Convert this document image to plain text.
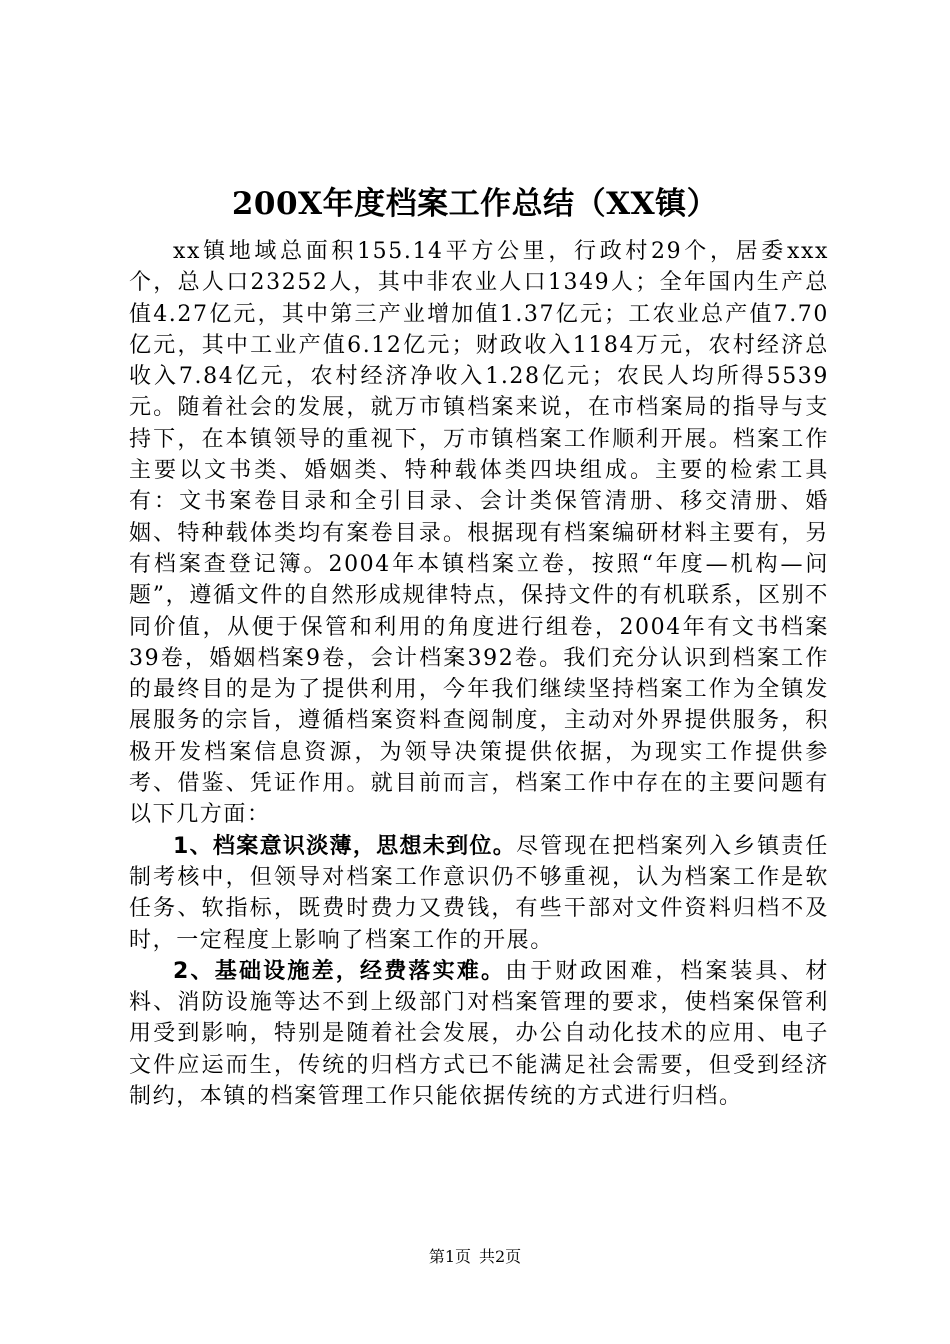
200X年度档案工作总结（XX镇）

xx镇地域总面积155.14平方公里，行政村29个，居委xxx个，总人口23252人，其中非农业人口1349人；全年国内生产总值4.27亿元，其中第三产业增加值1.37亿元；工农业总产值7.70亿元，其中工业产值6.12亿元；财政收入1184万元，农村经济总收入7.84亿元，农村经济净收入1.28亿元；农民人均所得5539元。随着社会的发展，就万市镇档案来说，在市档案局的指导与支持下，在本镇领导的重视下，万市镇档案工作顺利开展。档案工作主要以文书类、婚姻类、特种载体类四块组成。主要的检索工具有：文书案卷目录和全引目录、会计类保管清册、移交清册、婚姻、特种载体类均有案卷目录。根据现有档案编研材料主要有，另有档案查登记簿。2004年本镇档案立卷，按照“年度—机构—问题”，遵循文件的自然形成规律特点，保持文件的有机联系，区别不同价值，从便于保管和利用的角度进行组卷，2004年有文书档案39卷，婚姻档案9卷，会计档案392卷。我们充分认识到档案工作的最终目的是为了提供利用，今年我们继续坚持档案工作为全镇发展服务的宗旨，遵循档案资料查阅制度，主动对外界提供服务，积极开发档案信息资源，为领导决策提供依据，为现实工作提供参考、借鉴、凭证作用。就目前而言，档案工作中存在的主要问题有以下几方面：

1、档案意识淡薄，思想未到位。尽管现在把档案列入乡镇责任制考核中，但领导对档案工作意识仍不够重视，认为档案工作是软任务、软指标，既费时费力又费钱，有些干部对文件资料归档不及时，一定程度上影响了档案工作的开展。

2、基础设施差，经费落实难。由于财政困难，档案装具、材料、消防设施等达不到上级部门对档案管理的要求，使档案保管利用受到影响，特别是随着社会发展，办公自动化技术的应用、电子文件应运而生，传统的归档方式已不能满足社会需要，但受到经济制约，本镇的档案管理工作只能依据传统的方式进行归档。

第1页 共2页
